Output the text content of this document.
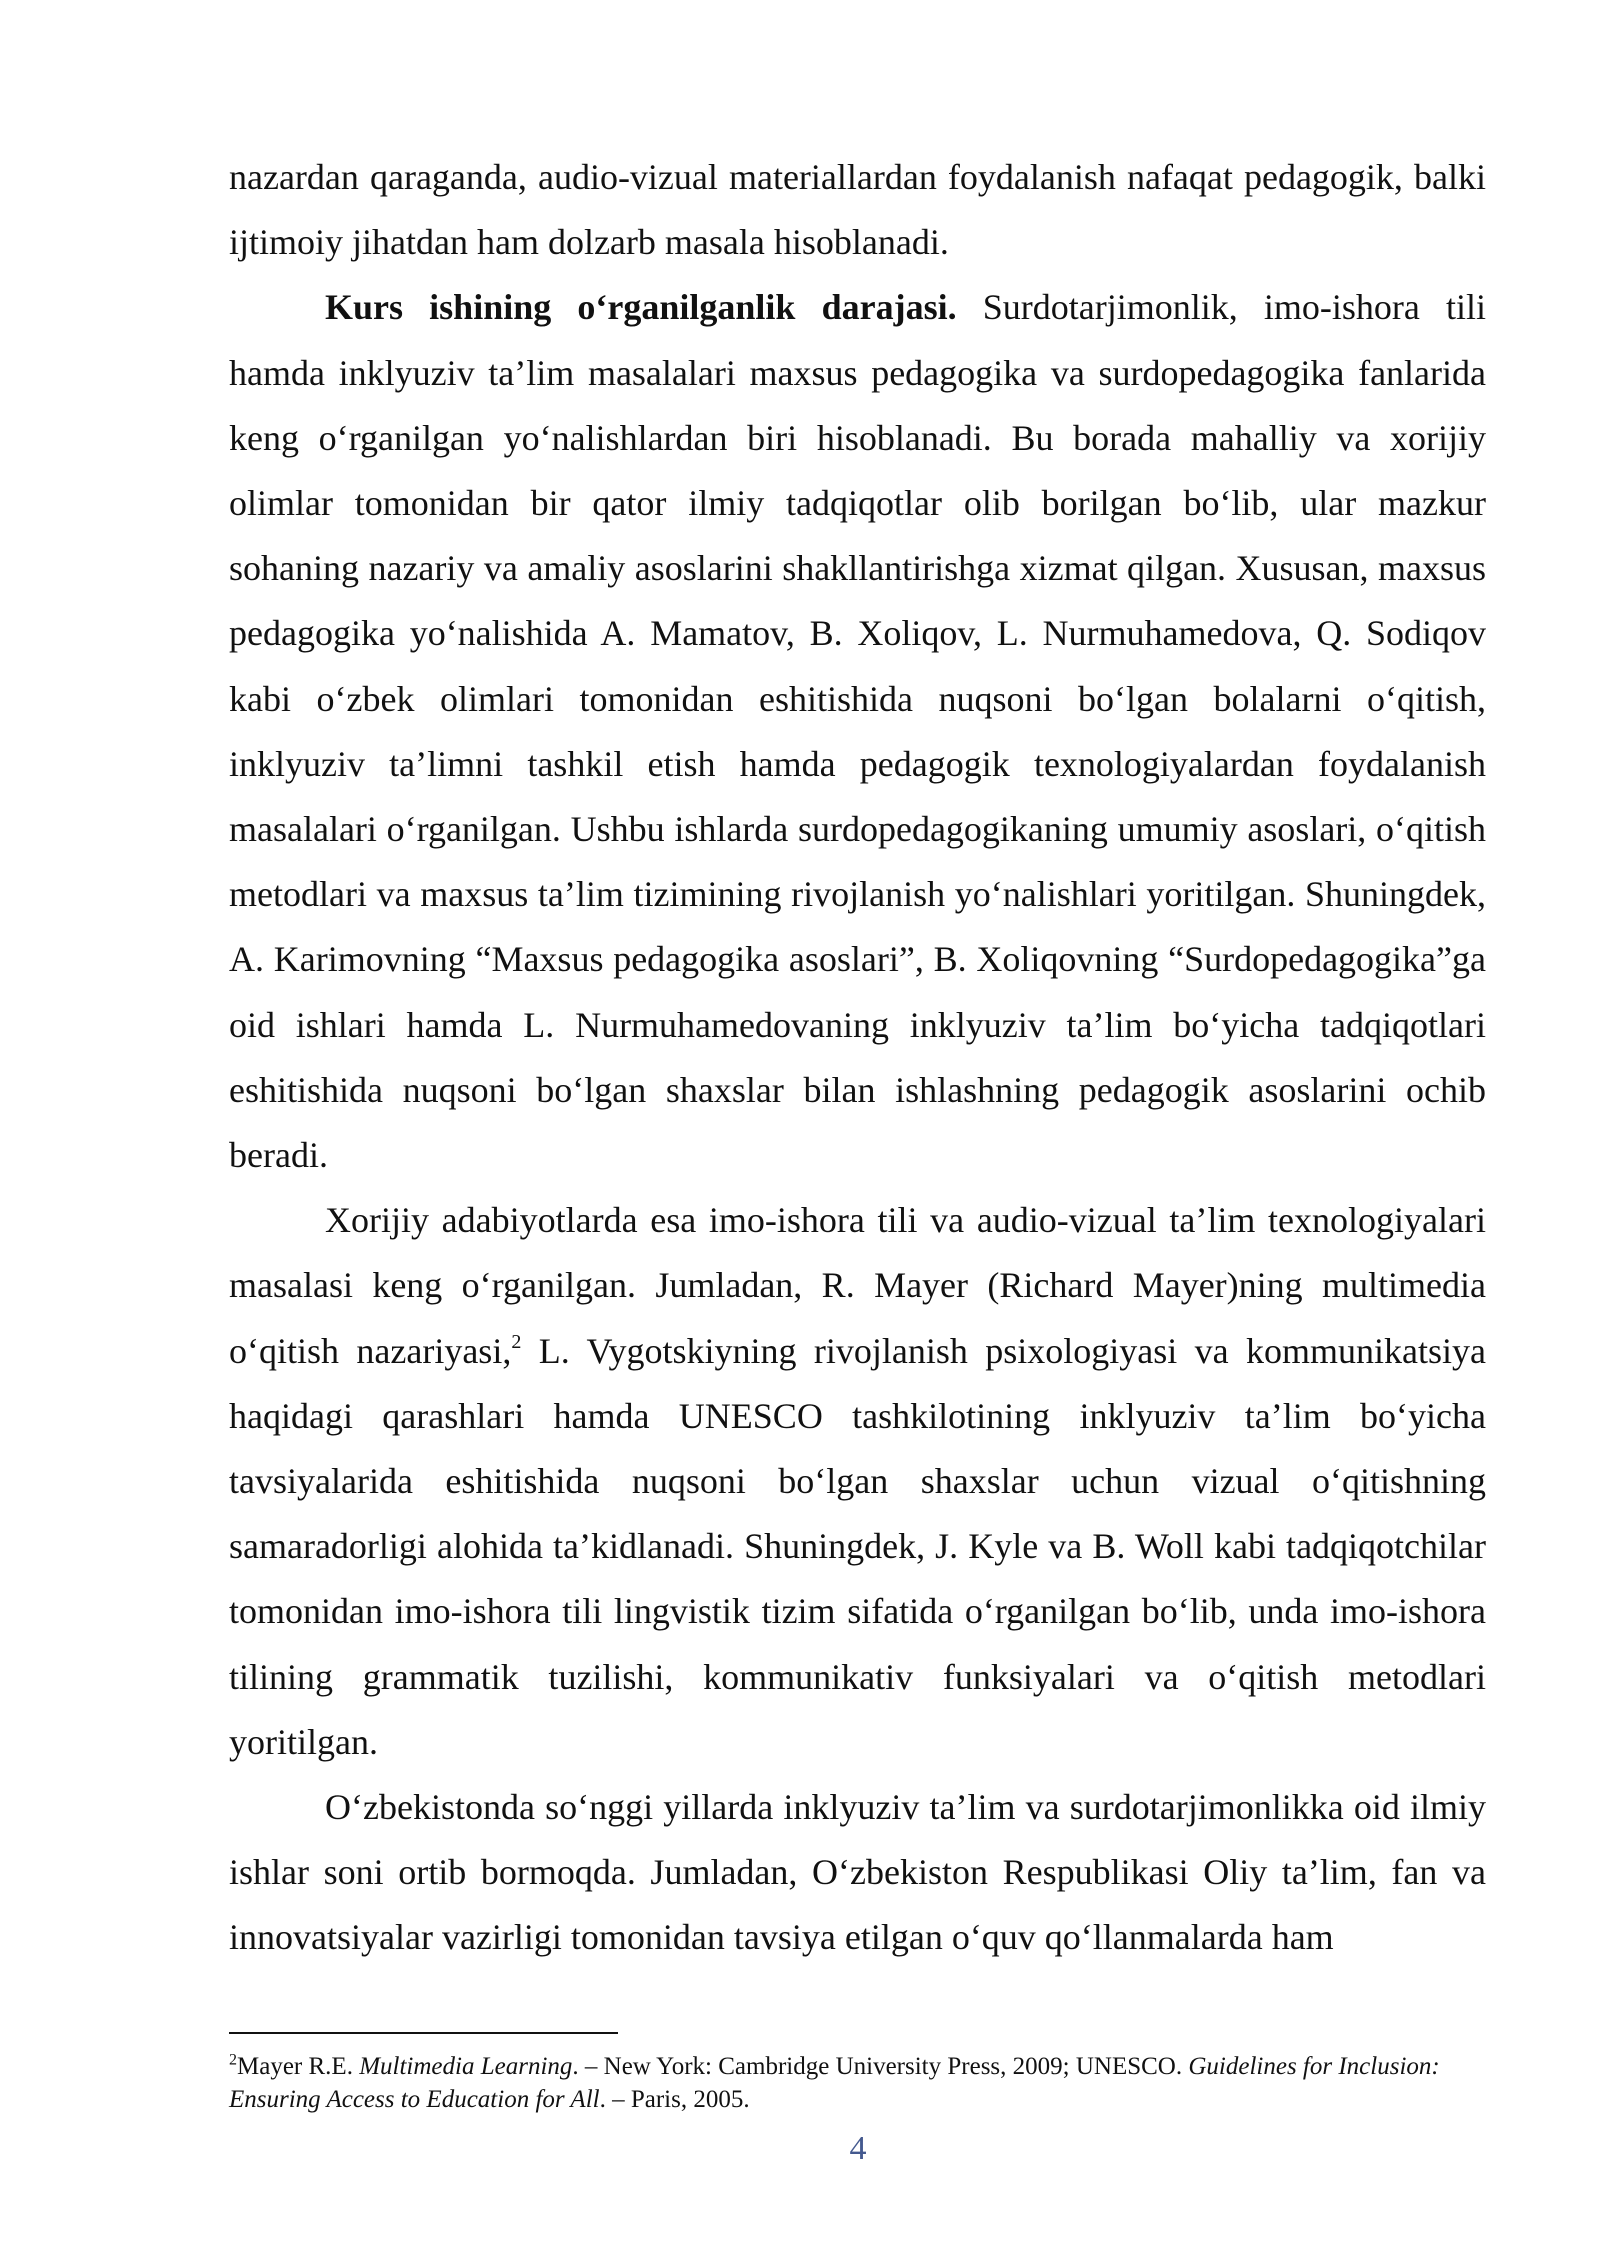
nazardan qaraganda, audio-vizual materiallardan foydalanish nafaqat pedagogik, balki ijtimoiy jihatdan ham dolzarb masala hisoblanadi.

Kurs ishining o‘rganilganlik darajasi. Surdotarjimonlik, imo-ishora tili hamda inklyuziv ta’lim masalalari maxsus pedagogika va surdopedagogika fanlarida keng o‘rganilgan yo‘nalishlardan biri hisoblanadi. Bu borada mahalliy va xorijiy olimlar tomonidan bir qator ilmiy tadqiqotlar olib borilgan bo‘lib, ular mazkur sohaning nazariy va amaliy asoslarini shakllantirishga xizmat qilgan. Xususan, maxsus pedagogika yo‘nalishida A. Mamatov, B. Xoliqov, L. Nurmuhamedova, Q. Sodiqov kabi o‘zbek olimlari tomonidan eshitishida nuqsoni bo‘lgan bolalarni o‘qitish, inklyuziv ta’limni tashkil etish hamda pedagogik texnologiyalardan foydalanish masalalari o‘rganilgan. Ushbu ishlarda surdopedagogikaning umumiy asoslari, o‘qitish metodlari va maxsus ta’lim tizimining rivojlanish yo‘nalishlari yoritilgan. Shuningdek, A. Karimovning “Maxsus pedagogika asoslari”, B. Xoliqovning “Surdopedagogika”ga oid ishlari hamda L. Nurmuhamedovaning inklyuziv ta’lim bo‘yicha tadqiqotlari eshitishida nuqsoni bo‘lgan shaxslar bilan ishlashning pedagogik asoslarini ochib beradi.

Xorijiy adabiyotlarda esa imo-ishora tili va audio-vizual ta’lim texnologiyalari masalasi keng o‘rganilgan. Jumladan, R. Mayer (Richard Mayer)ning multimedia o‘qitish nazariyasi,$^2$ L. Vygotskiyning rivojlanish psixologiyasi va kommunikatsiya haqidagi qarashlari hamda UNESCO tashkilotining inklyuziv ta’lim bo‘yicha tavsiyalarida eshitishida nuqsoni bo‘lgan shaxslar uchun vizual o‘qitishning samaradorligi alohida ta’kidlanadi. Shuningdek, J. Kyle va B. Woll kabi tadqiqotchilar tomonidan imo-ishora tili lingvistik tizim sifatida o‘rganilgan bo‘lib, unda imo-ishora tilining grammatik tuzilishi, kommunikativ funksiyalari va o‘qitish metodlari yoritilgan.

O‘zbekistonda so‘nggi yillarda inklyuziv ta’lim va surdotarjimonlikka oid ilmiy ishlar soni ortib bormoqda. Jumladan, O‘zbekiston Respublikasi Oliy ta’lim, fan va innovatsiyalar vazirligi tomonidan tavsiya etilgan o‘quv qo‘llanmalarda ham

$^2$Mayer R.E. Multimedia Learning. – New York: Cambridge University Press, 2009; UNESCO. Guidelines for Inclusion: Ensuring Access to Education for All. – Paris, 2005.

4
